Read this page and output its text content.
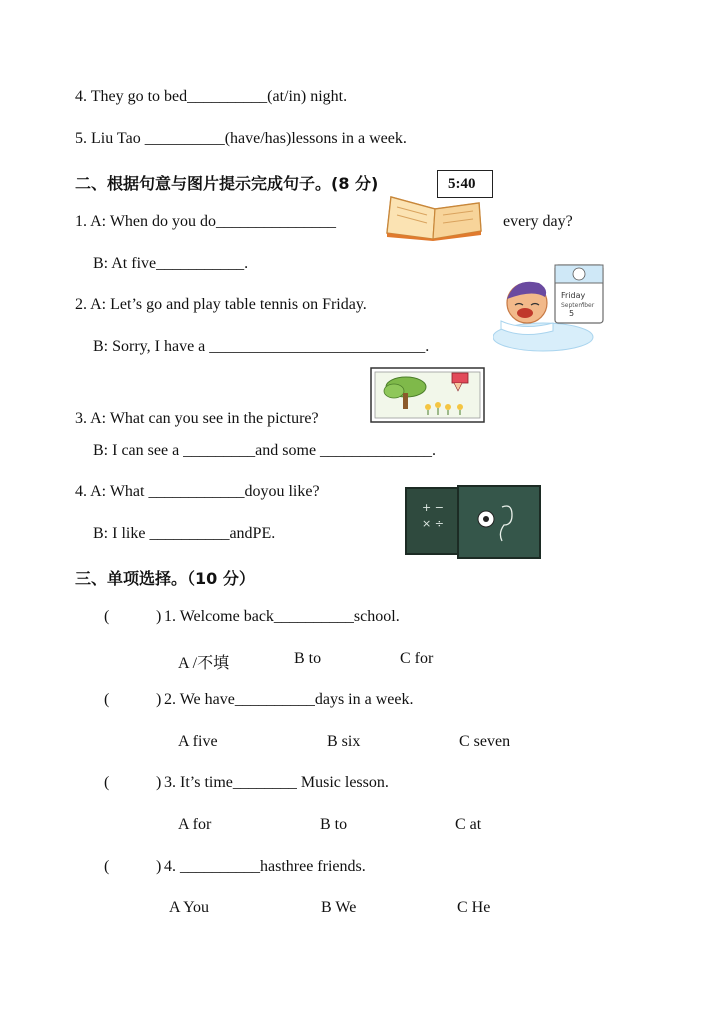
4. They go to bed__________(at/in) night.
5. Liu Tao __________(have/has)lessons in a week.
二、根据句意与图片提示完成句子。(8 分)	5:40
1. A: When do you do_______________	every day?
B: At five___________.
2. A: Let’s go and play table tennis on Friday.
Friday
September
5
B: Sorry, I have a ___________________________.
3. A: What can you see in the picture?
B: I can see a _________and some ______________.
4. A: What ____________doyou like?
+ −
× ÷
B: I like __________andPE.
三、单项选择。（10 分）
(	) 1. Welcome back__________school.
A /不填	B to	C for
(	) 2. We have__________days in a week.
A five	B six	C seven
(	) 3. It’s time________ Music lesson.
A for	B to	C at
(	) 4. __________hasthree friends.
A You	B We	C He
